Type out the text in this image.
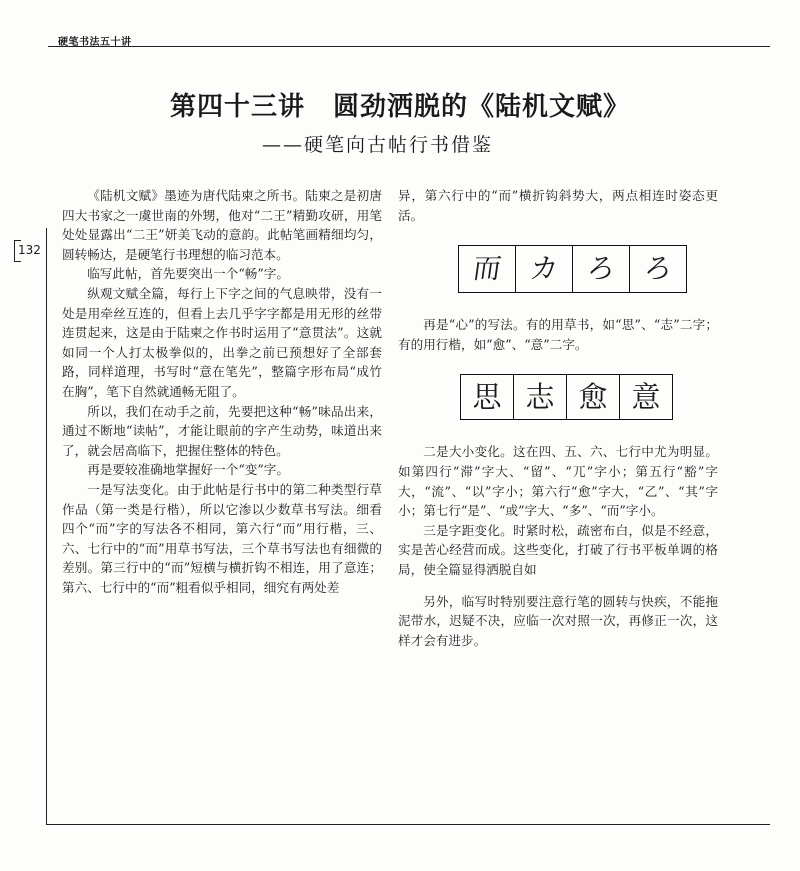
硬笔书法五十讲
132
第四十三讲 圆劲洒脱的《陆机文赋》
——硬笔向古帖行书借鉴

《陆机文赋》墨迹为唐代陆柬之所书。陆柬之是初唐四大书家之一虞世南的外甥，他对“二王”精勤攻研，用笔处处显露出“二王”妍美飞动的意韵。此帖笔画精细均匀，圆转畅达，是硬笔行书理想的临习范本。

临写此帖，首先要突出一个“畅”字。

纵观文赋全篇，每行上下字之间的气息映带，没有一处是用牵丝互连的，但看上去几乎字字都是用无形的丝带连贯起来，这是由于陆柬之作书时运用了“意贯法”。这就如同一个人打太极拳似的，出拳之前已预想好了全部套路，同样道理，书写时“意在笔先”，整篇字形布局“成竹在胸”，笔下自然就通畅无阻了。

所以，我们在动手之前，先要把这种“畅”味品出来，通过不断地“读帖”，才能让眼前的字产生动势，味道出来了，就会居高临下，把握住整体的特色。

再是要较准确地掌握好一个“变”字。

一是写法变化。由于此帖是行书中的第二种类型行草作品（第一类是行楷），所以它渗以少数草书写法。细看四个“而”字的写法各不相同，第六行“而”用行楷，三、六、七行中的“而”用草书写法，三个草书写法也有细微的差别。第三行中的“而”短横与横折钩不相连，用了意连；第六、七行中的“而”粗看似乎相同，细究有两处差

异，第六行中的“而”横折钩斜势大，两点相连时姿态更活。

而 カ ろ ろ

再是“心”的写法。有的用草书，如“思”、“志”二字；有的用行楷，如“愈”、“意”二字。

思 志 愈 意

二是大小变化。这在四、五、六、七行中尤为明显。如第四行“滞”字大、“留”、“兀”字小；第五行“豁”字大，“流”、“以”字小；第六行“愈”字大，“乙”、“其”字小；第七行“是”、“或”字大、“多”、“而”字小。

三是字距变化。时紧时松，疏密布白，似是不经意，实是苦心经营而成。这些变化，打破了行书平板单调的格局，使全篇显得洒脱自如

另外，临写时特别要注意行笔的圆转与快疾，不能拖泥带水，迟疑不决，应临一次对照一次，再修正一次，这样才会有进步。
